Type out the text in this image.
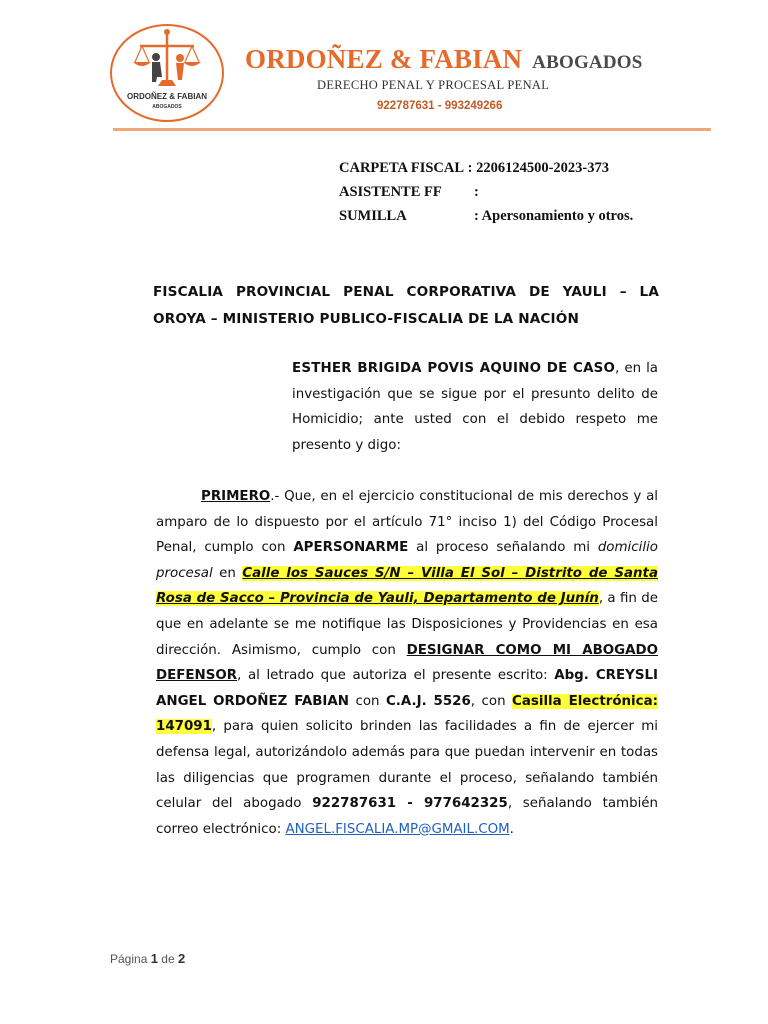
ORDOÑEZ & FABIAN
ABOGADOS
ORDOÑEZ & FABIAN ABOGADOS
DERECHO PENAL Y PROCESAL PENAL
922787631 - 993249266
CARPETA FISCAL
: 2206124500-2023-373
ASISTENTE FF	:
SUMILLA	: Apersonamiento y otros.
FISCALIA PROVINCIAL PENAL CORPORATIVA DE YAULI – LA OROYA – MINISTERIO PUBLICO-FISCALIA DE LA NACIÓN
ESTHER BRIGIDA POVIS AQUINO DE CASO, en la investigación que se sigue por el presunto delito de Homicidio; ante usted con el debido respeto me presento y digo:
PRIMERO.- Que, en el ejercicio constitucional de mis derechos y al amparo de lo dispuesto por el artículo 71° inciso 1) del Código Procesal Penal, cumplo con APERSONARME al proceso señalando mi domicilio procesal en Calle los Sauces S/N – Villa El Sol – Distrito de Santa Rosa de Sacco – Provincia de Yauli, Departamento de Junín, a fin de que en adelante se me notifique las Disposiciones y Providencias en esa dirección. Asimismo, cumplo con DESIGNAR COMO MI ABOGADO DEFENSOR, al letrado que autoriza el presente escrito: Abg. CREYSLI ANGEL ORDOÑEZ FABIAN con C.A.J. 5526, con Casilla Electrónica: 147091, para quien solicito brinden las facilidades a fin de ejercer mi defensa legal, autorizándolo además para que puedan intervenir en todas las diligencias que programen durante el proceso, señalando también celular del abogado 922787631 - 977642325, señalando también correo electrónico: ANGEL.FISCALIA.MP@GMAIL.COM.
Página 1 de 2
